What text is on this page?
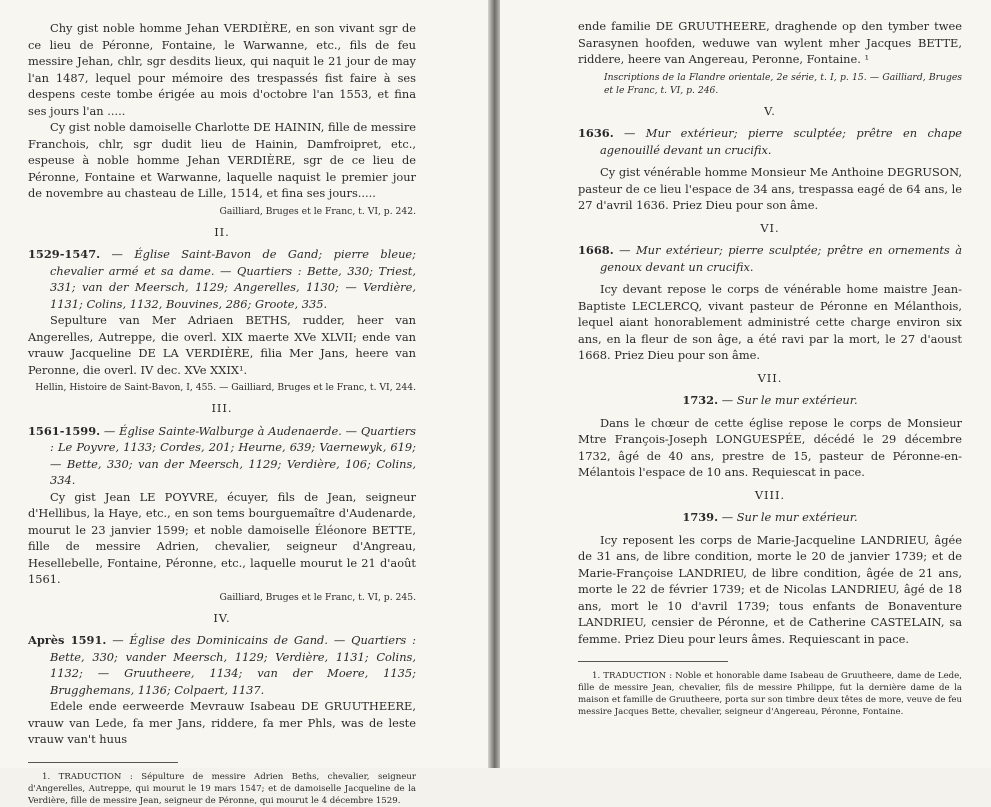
Chy gist noble homme Jehan VERDIÈRE, en son vivant sgr de ce lieu de Péronne, Fontaine, le Warwanne, etc., fils de feu messire Jehan, chlr, sgr desdits lieux, qui naquit le 21 jour de may l'an 1487, lequel pour mémoire des trespassés fist faire à ses despens ceste tombe érigée au mois d'octobre l'an 1553, et fina ses jours l'an .....

Cy gist noble damoiselle Charlotte DE HAININ, fille de messire Franchois, chlr, sgr dudit lieu de Hainin, Damfroipret, etc., espeuse à noble homme Jehan VERDIÈRE, sgr de ce lieu de Péronne, Fontaine et Warwanne, laquelle naquist le premier jour de novembre au chasteau de Lille, 1514, et fina ses jours.....

Gailliard, Bruges et le Franc, t. VI, p. 242.

II.

1529-1547. — Église Saint-Bavon de Gand; pierre bleue; chevalier armé et sa dame. — Quartiers : Bette, 330; Triest, 331; van der Meersch, 1129; Angerelles, 1130; — Verdière, 1131; Colins, 1132, Bouvines, 286; Groote, 335.

Sepulture van Mer Adriaen BETHS, rudder, heer van Angerelles, Autreppe, die overl. XIX maerte XVe XLVII; ende van vrauw Jacqueline DE LA VERDIÈRE, filia Mer Jans, heere van Peronne, die overl. IV dec. XVe XXIX¹.

Hellin, Histoire de Saint-Bavon, I, 455. — Gailliard, Bruges et le Franc, t. VI, 244.

III.

1561-1599. — Église Sainte-Walburge à Audenaerde. — Quartiers : Le Poyvre, 1133; Cordes, 201; Heurne, 639; Vaernewyk, 619; — Bette, 330; van der Meersch, 1129; Verdière, 106; Colins, 334.

Cy gist Jean LE POYVRE, écuyer, fils de Jean, seigneur d'Hellibus, la Haye, etc., en son tems bourguemaître d'Audenarde, mourut le 23 janvier 1599; et noble damoiselle Éléonore BETTE, fille de messire Adrien, chevalier, seigneur d'Angreau, Hesellebelle, Fontaine, Péronne, etc., laquelle mourut le 21 d'août 1561.

Gailliard, Bruges et le Franc, t. VI, p. 245.

IV.

Après 1591. — Église des Dominicains de Gand. — Quartiers : Bette, 330; vander Meersch, 1129; Verdière, 1131; Colins, 1132; — Gruutheere, 1134; van der Moere, 1135; Brugghemans, 1136; Colpaert, 1137.

Edele ende eerweerde Mevrauw Isabeau DE GRUUTHEERE, vrauw van Lede, fa mer Jans, riddere, fa mer Phls, was de leste vrauw van't huus

1. TRADUCTION : Sépulture de messire Adrien Beths, chevalier, seigneur d'Angerelles, Autreppe, qui mourut le 19 mars 1547; et de damoiselle Jacqueline de la Verdière, fille de messire Jean, seigneur de Péronne, qui mourut le 4 décembre 1529.

ende familie DE GRUUTHEERE, draghende op den tymber twee Sarasynen hoofden, weduwe van wylent mher Jacques BETTE, riddere, heere van Angereau, Peronne, Fontaine. ¹

Inscriptions de la Flandre orientale, 2e série, t. I, p. 15. — Gailliard, Bruges et le Franc, t. VI, p. 246.

V.

1636. — Mur extérieur; pierre sculptée; prêtre en chape agenouillé devant un crucifix.

Cy gist vénérable homme Monsieur Me Anthoine DEGRUSON, pasteur de ce lieu l'espace de 34 ans, trespassa eagé de 64 ans, le 27 d'avril 1636. Priez Dieu pour son âme.

VI.

1668. — Mur extérieur; pierre sculptée; prêtre en ornements à genoux devant un crucifix.

Icy devant repose le corps de vénérable home maistre Jean-Baptiste LECLERCQ, vivant pasteur de Péronne en Mélanthois, lequel aiant honorablement administré cette charge environ six ans, en la fleur de son âge, a été ravi par la mort, le 27 d'aoust 1668. Priez Dieu pour son âme.

VII.

1732. — Sur le mur extérieur.

Dans le chœur de cette église repose le corps de Monsieur Mtre François-Joseph LONGUESPÉE, décédé le 29 décembre 1732, âgé de 40 ans, prestre de 15, pasteur de Péronne-en-Mélantois l'espace de 10 ans. Requiescat in pace.

VIII.

1739. — Sur le mur extérieur.

Icy reposent les corps de Marie-Jacqueline LANDRIEU, âgée de 31 ans, de libre condition, morte le 20 de janvier 1739; et de Marie-Françoise LANDRIEU, de libre condition, âgée de 21 ans, morte le 22 de février 1739; et de Nicolas LANDRIEU, âgé de 18 ans, mort le 10 d'avril 1739; tous enfants de Bonaventure LANDRIEU, censier de Péronne, et de Catherine CASTELAIN, sa femme. Priez Dieu pour leurs âmes. Requiescant in pace.

1. TRADUCTION : Noble et honorable dame Isabeau de Gruutheere, dame de Lede, fille de messire Jean, chevalier, fils de messire Philippe, fut la dernière dame de la maison et famille de Gruutheere, porta sur son timbre deux têtes de more, veuve de feu messire Jacques Bette, chevalier, seigneur d'Angereau, Péronne, Fontaine.
